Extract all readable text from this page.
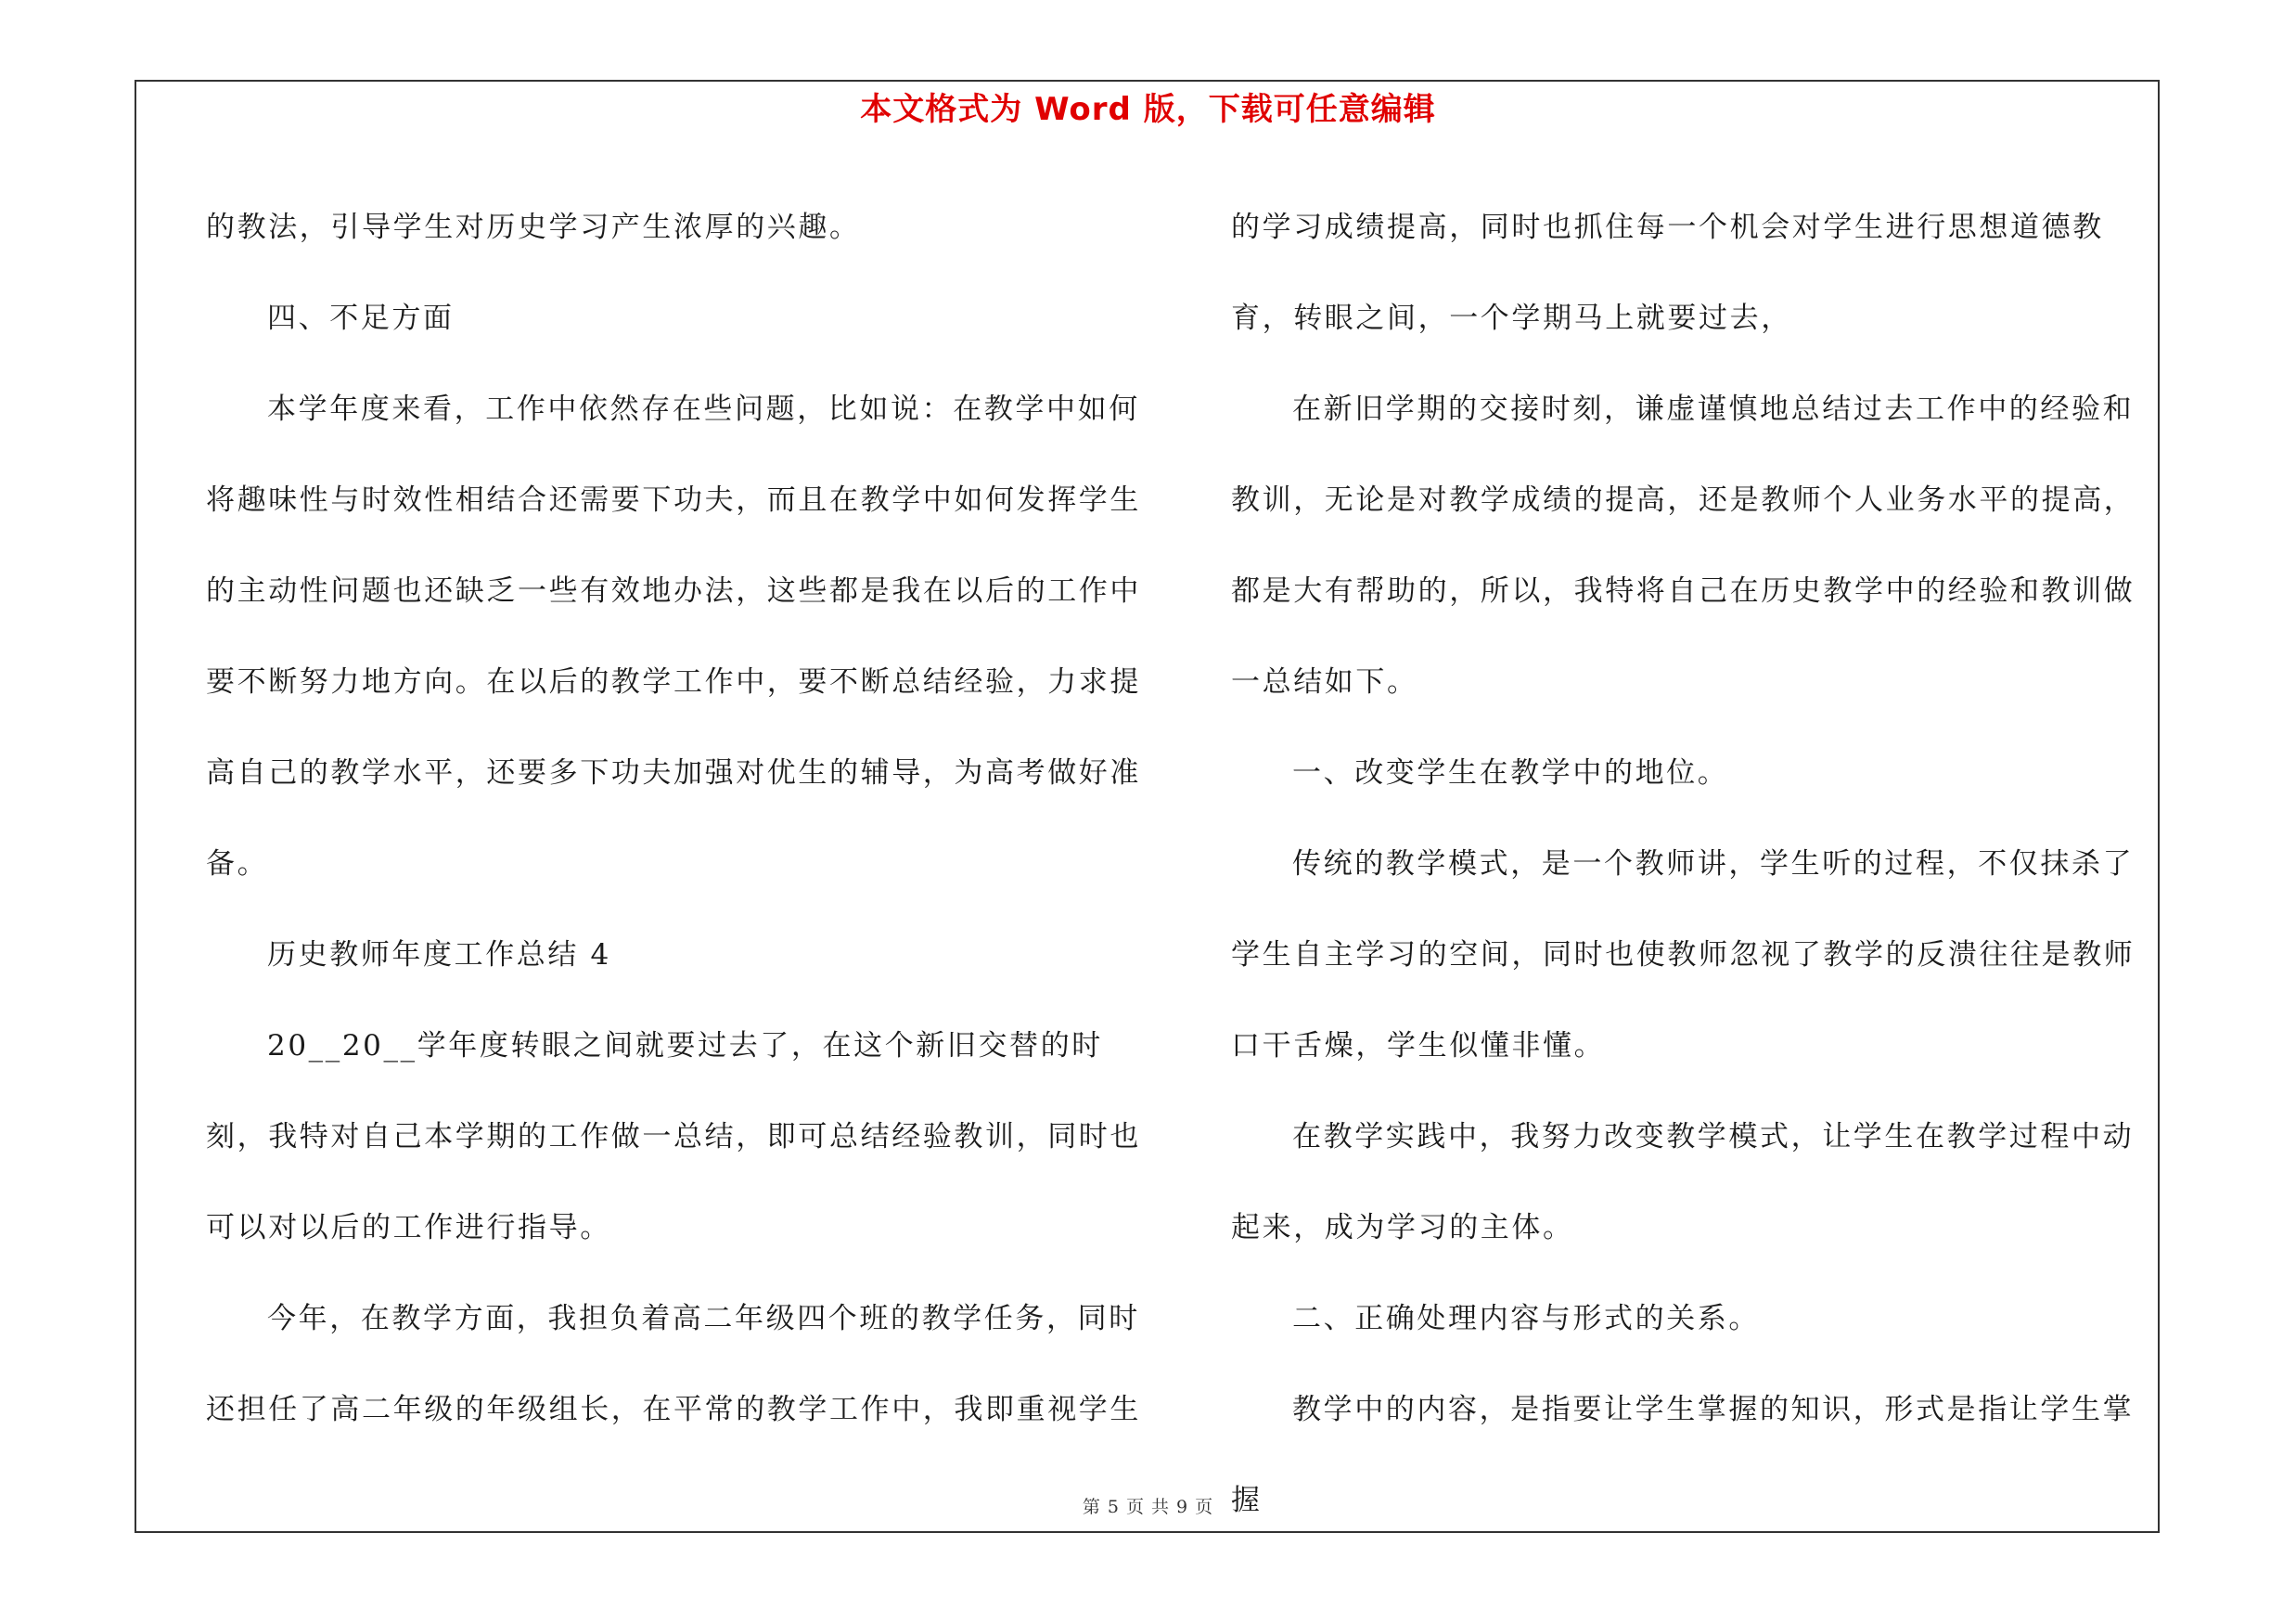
本文格式为 Word 版，下载可任意编辑

的教法，引导学生对历史学习产生浓厚的兴趣。

四、不足方面

本学年度来看，工作中依然存在些问题，比如说：在教学中如何将趣味性与时效性相结合还需要下功夫，而且在教学中如何发挥学生的主动性问题也还缺乏一些有效地办法，这些都是我在以后的工作中要不断努力地方向。在以后的教学工作中，要不断总结经验，力求提高自己的教学水平，还要多下功夫加强对优生的辅导，为高考做好准备。

历史教师年度工作总结 4

20__20__学年度转眼之间就要过去了，在这个新旧交替的时刻，我特对自己本学期的工作做一总结，即可总结经验教训，同时也可以对以后的工作进行指导。

今年，在教学方面，我担负着高二年级四个班的教学任务，同时还担任了高二年级的年级组长，在平常的教学工作中，我即重视学生

的学习成绩提高，同时也抓住每一个机会对学生进行思想道德教育，转眼之间，一个学期马上就要过去，

在新旧学期的交接时刻，谦虚谨慎地总结过去工作中的经验和教训，无论是对教学成绩的提高，还是教师个人业务水平的提高，都是大有帮助的，所以，我特将自己在历史教学中的经验和教训做一总结如下。

一、改变学生在教学中的地位。

传统的教学模式，是一个教师讲，学生听的过程，不仅抹杀了学生自主学习的空间，同时也使教师忽视了教学的反溃往往是教师口干舌燥，学生似懂非懂。

在教学实践中，我努力改变教学模式，让学生在教学过程中动起来，成为学习的主体。

二、正确处理内容与形式的关系。

教学中的内容，是指要让学生掌握的知识，形式是指让学生掌握

第 5 页 共 9 页
